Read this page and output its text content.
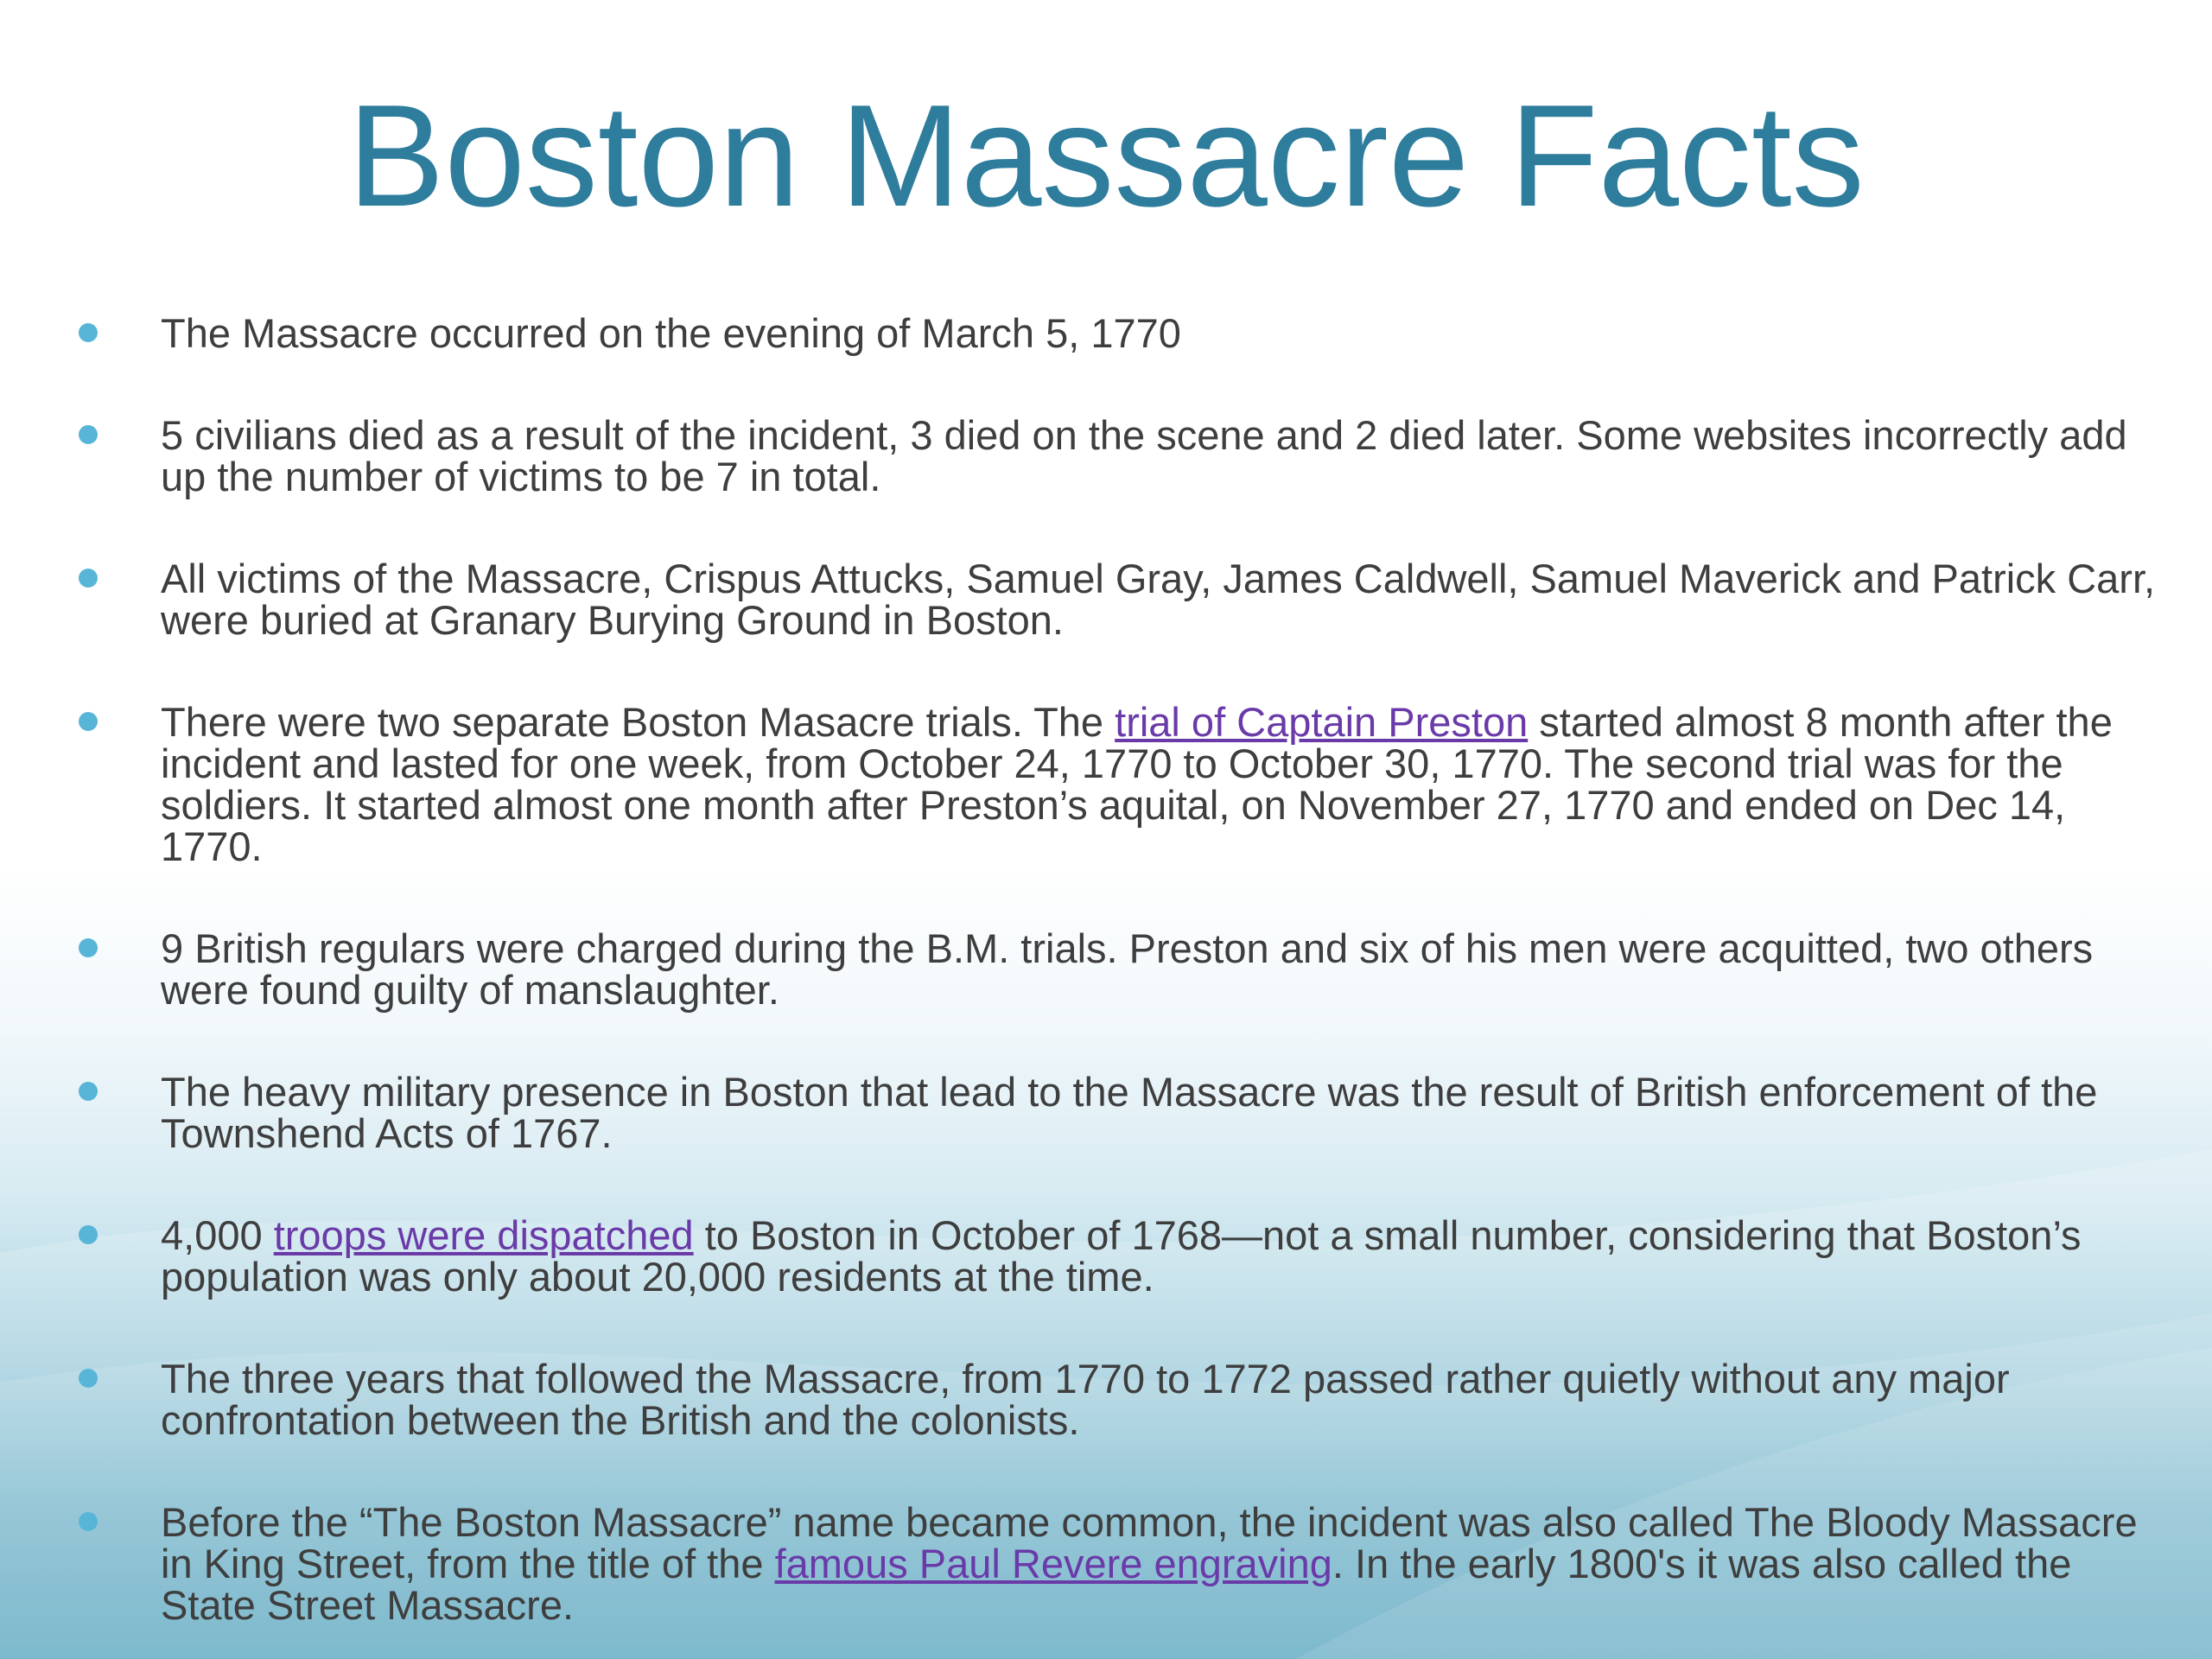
Boston Massacre Facts
The Massacre occurred on the evening of March 5, 1770
5 civilians died as a result of the incident, 3 died on the scene and 2 died later. Some websites incorrectly add up the number of victims to be 7 in total.
All victims of the Massacre, Crispus Attucks, Samuel Gray, James Caldwell, Samuel Maverick and Patrick Carr, were buried at Granary Burying Ground in Boston.
There were two separate Boston Masacre trials. The trial of Captain Preston started almost 8 month after the incident and lasted for one week, from October 24, 1770 to October 30, 1770. The second trial was for the soldiers. It started almost one month after Preston’s aquital, on November 27, 1770 and ended on Dec 14, 1770.
9 British regulars were charged during the B.M. trials. Preston and six of his men were acquitted, two others were found guilty of manslaughter.
The heavy military presence in Boston that lead to the Massacre was the result of British enforcement of the Townshend Acts of 1767.
4,000 troops were dispatched to Boston in October of 1768—not a small number, considering that Boston’s population was only about 20,000 residents at the time.
The three years that followed the Massacre, from 1770 to 1772 passed rather quietly without any major confrontation between the British and the colonists.
Before the “The Boston Massacre” name became common, the incident was also called The Bloody Massacre in King Street, from the title of the famous Paul Revere engraving. In the early 1800's it was also called the State Street Massacre.
